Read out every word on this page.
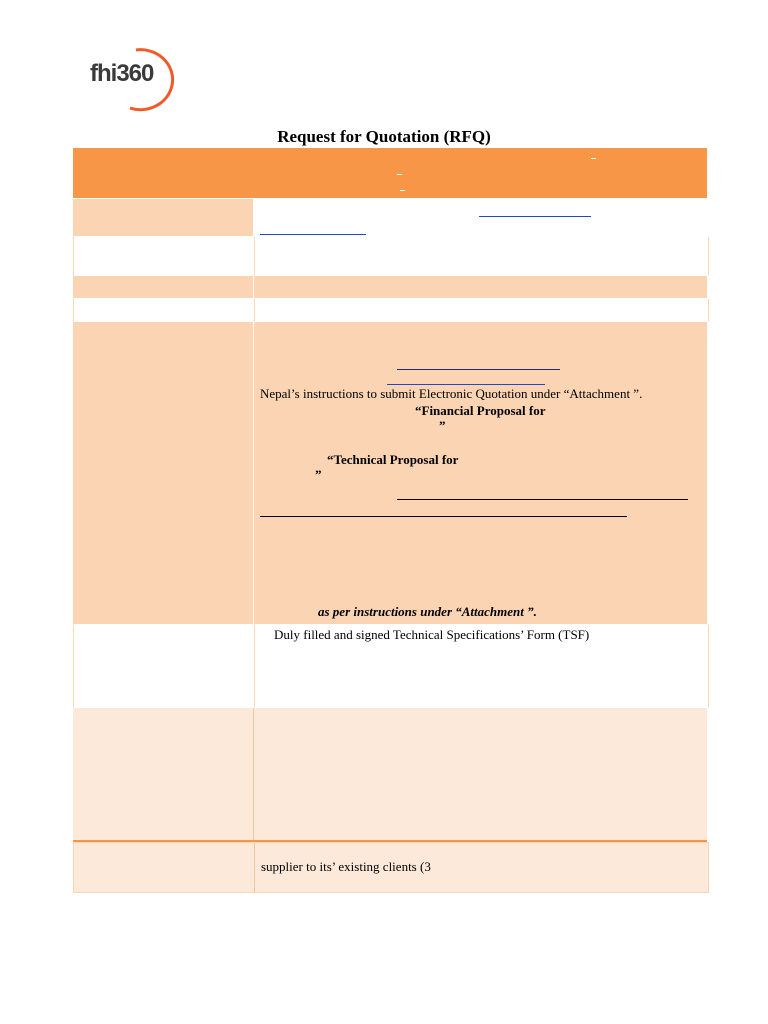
fhi360
Request for Quotation (RFQ)
Nepal’s instructions to submit Electronic Quotation under “Attachment ”.
“Financial Proposal for
”
“Technical Proposal for
”
as per instructions under “Attachment ”.
Duly filled and signed Technical Specifications’ Form (TSF)
supplier to its’ existing clients (3
